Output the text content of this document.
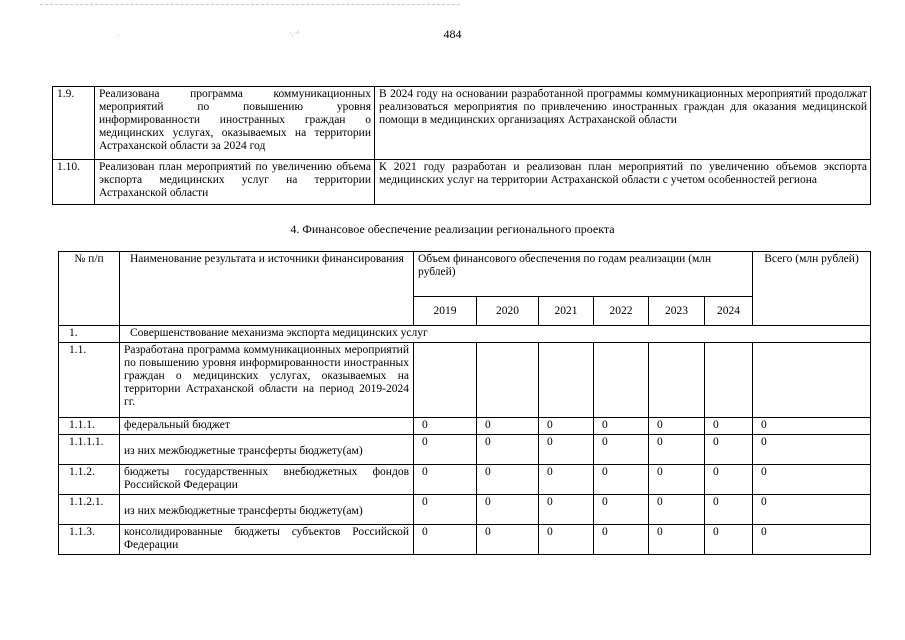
·	·.·ᵈ	484
1.9.	Реализована программа коммуникационных мероприятий по повышению уровня информированности иностранных граждан о медицинских услугах, оказываемых на территории Астраханской области за 2024 год	В 2024 году на основании разработанной программы коммуникационных мероприятий продолжат реализоваться мероприятия по привлечению иностранных граждан для оказания медицинской помощи в медицинских организациях Астраханской области
1.10.	Реализован план мероприятий по увеличению объема экспорта медицинских услуг на территории Астраханской области	К 2021 году разработан и реализован план мероприятий по увеличению объемов экспорта медицинских услуг на территории Астраханской области с учетом особенностей региона
4. Финансовое обеспечение реализации регионального проекта
№ п/п	Наименование результата и источники финансирования	Объем финансового обеспечения по годам реализации (млн рублей)						Всего (млн рублей)
		2019	2020	2021	2022	2023	2024	
1.	Совершенствование механизма экспорта медицинских услуг							
1.1.	Разработана программа коммуникационных мероприятий по повышению уровня информированности иностранных граждан о медицинских услугах, оказываемых на территории Астраханской области на период 2019-2024 гг.							
1.1.1.	федеральный бюджет	0	0	0	0	0	0	0
1.1.1.1.	из них межбюджетные трансферты бюджету(ам)	0	0	0	0	0	0	0
1.1.2.	бюджеты государственных внебюджетных фондов Российской Федерации	0	0	0	0	0	0	0
1.1.2.1.	из них межбюджетные трансферты бюджету(ам)	0	0	0	0	0	0	0
1.1.3.	консолидированные бюджеты субъектов Российской Федерации	0	0	0	0	0	0	0
